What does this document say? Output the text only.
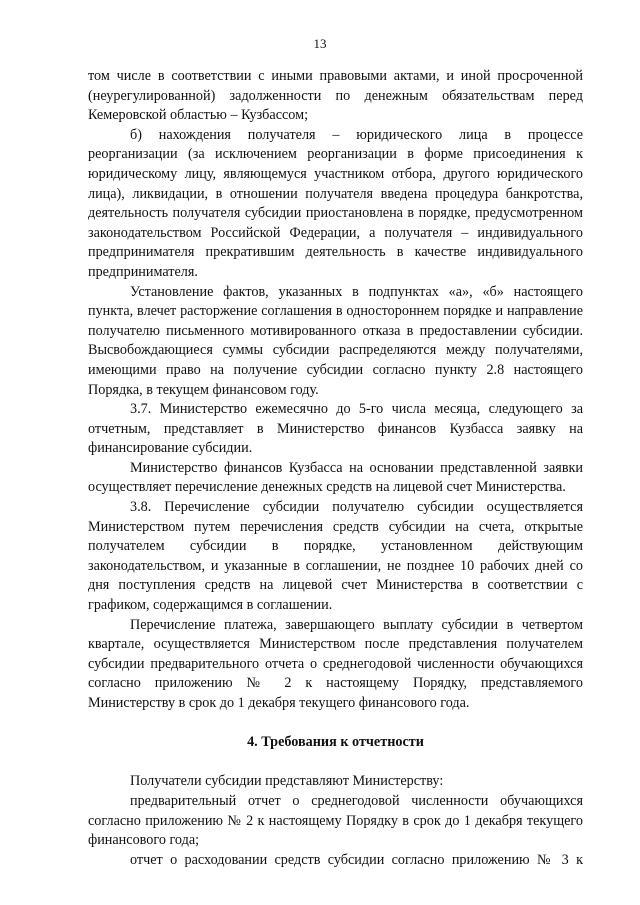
13

том числе в соответствии с иными правовыми актами, и иной просроченной (неурегулированной) задолженности по денежным обязательствам перед Кемеровской областью – Кузбассом;

б) нахождения получателя – юридического лица в процессе реорганизации (за исключением реорганизации в форме присоединения к юридическому лицу, являющемуся участником отбора, другого юридического лица), ликвидации, в отношении получателя введена процедура банкротства, деятельность получателя субсидии приостановлена в порядке, предусмотренном законодательством Российской Федерации, а получателя – индивидуального предпринимателя прекратившим деятельность в качестве индивидуального предпринимателя.

Установление фактов, указанных в подпунктах «а», «б» настоящего пункта, влечет расторжение соглашения в одностороннем порядке и направление получателю письменного мотивированного отказа в предоставлении субсидии. Высвобождающиеся суммы субсидии распределяются между получателями, имеющими право на получение субсидии согласно пункту 2.8 настоящего Порядка, в текущем финансовом году.

3.7. Министерство ежемесячно до 5-го числа месяца, следующего за отчетным, представляет в Министерство финансов Кузбасса заявку на финансирование субсидии.

Министерство финансов Кузбасса на основании представленной заявки осуществляет перечисление денежных средств на лицевой счет Министерства.

3.8. Перечисление субсидии получателю субсидии осуществляется Министерством путем перечисления средств субсидии на счета, открытые получателем субсидии в порядке, установленном действующим законодательством, и указанные в соглашении, не позднее 10 рабочих дней со дня поступления средств на лицевой счет Министерства в соответствии с графиком, содержащимся в соглашении.

Перечисление платежа, завершающего выплату субсидии в четвертом квартале, осуществляется Министерством после представления получателем субсидии предварительного отчета о среднегодовой численности обучающихся согласно приложению № 2 к настоящему Порядку, представляемого Министерству в срок до 1 декабря текущего финансового года.

4. Требования к отчетности

Получатели субсидии представляют Министерству:

предварительный отчет о среднегодовой численности обучающихся согласно приложению № 2 к настоящему Порядку в срок до 1 декабря текущего финансового года;

отчет о расходовании средств субсидии согласно приложению № 3 к
